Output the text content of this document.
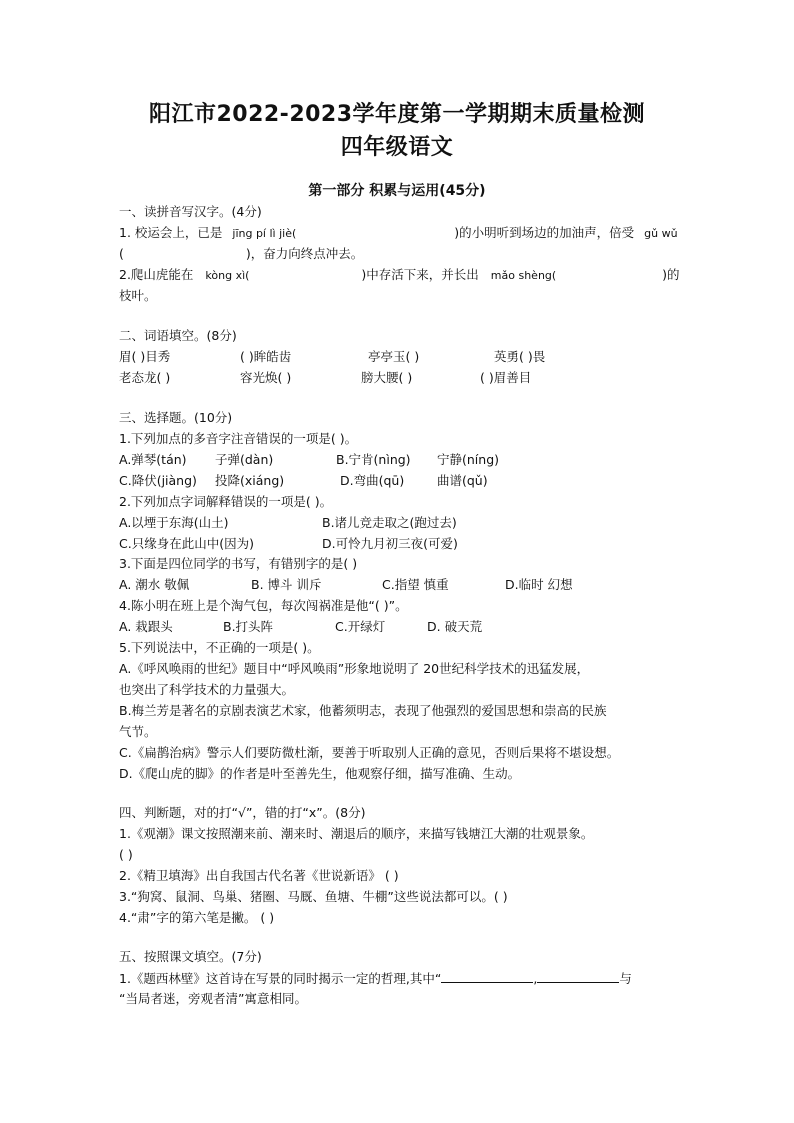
阳江市2022-2023学年度第一学期期末质量检测
四年级语文
第一部分 积累与运用(45分)
一、读拼音写汉字。(4分)
1. 校运会上，已是 jīng pí lì jiè(	)的小明听到场边的加油声，倍受 gǔ wǔ
(	)，奋力向终点冲去。
2.爬山虎能在 kòng xì(	)中存活下来，并长出 mǎo shèng(	)的
枝叶。
二、词语填空。(8分)
眉( )目秀	( )眸皓齿	亭亭玉( )	英勇( )畏
老态龙( )	容光焕( )	膀大腰( )	( )眉善目
三、选择题。(10分)
1.下列加点的多音字注音错误的一项是( )。
A.弹琴(tán) 子弹(dàn)	B.宁肯(nìng) 宁静(níng)
C.降伏(jiàng) 投降(xiáng)	D.弯曲(qū)	曲谱(qǔ)
2.下列加点字词解释错误的一项是( )。
A.以堙于东海(山土)	B.诸儿竞走取之(跑过去)
C.只缘身在此山中(因为)	D.可怜九月初三夜(可爱)
3.下面是四位同学的书写，有错别字的是( )
A. 潮水 敬佩	B. 博斗 训斥	C.指望 慎重	D.临时 幻想
4.陈小明在班上是个淘气包，每次闯祸准是他“( )”。
A. 栽跟头	B.打头阵	C.开绿灯	D. 破天荒
5.下列说法中，不正确的一项是( )。
A.《呼风唤雨的世纪》题目中“呼风唤雨”形象地说明了 20世纪科学技术的迅猛发展，
也突出了科学技术的力量强大。
B.梅兰芳是著名的京剧表演艺术家，他蓄须明志，表现了他强烈的爱国思想和崇高的民族
气节。
C.《扁鹊治病》警示人们要防微杜渐，要善于听取别人正确的意见，否则后果将不堪设想。
D.《爬山虎的脚》的作者是叶至善先生，他观察仔细，描写准确、生动。
四、判断题，对的打“√”，错的打“x”。(8分)
1.《观潮》课文按照潮来前、潮来时、潮退后的顺序，来描写钱塘江大潮的壮观景象。
( )
2.《精卫填海》出自我国古代名著《世说新语》 ( )
3.“狗窝、鼠洞、鸟巢、猪圈、马厩、鱼塘、牛棚”这些说法都可以。( )
4.“肃”字的第六笔是撇。 ( )
五、按照课文填空。(7分)
1.《题西林壁》这首诗在写景的同时揭示一定的哲理,其中“	,	与
“当局者迷，旁观者清”寓意相同。
